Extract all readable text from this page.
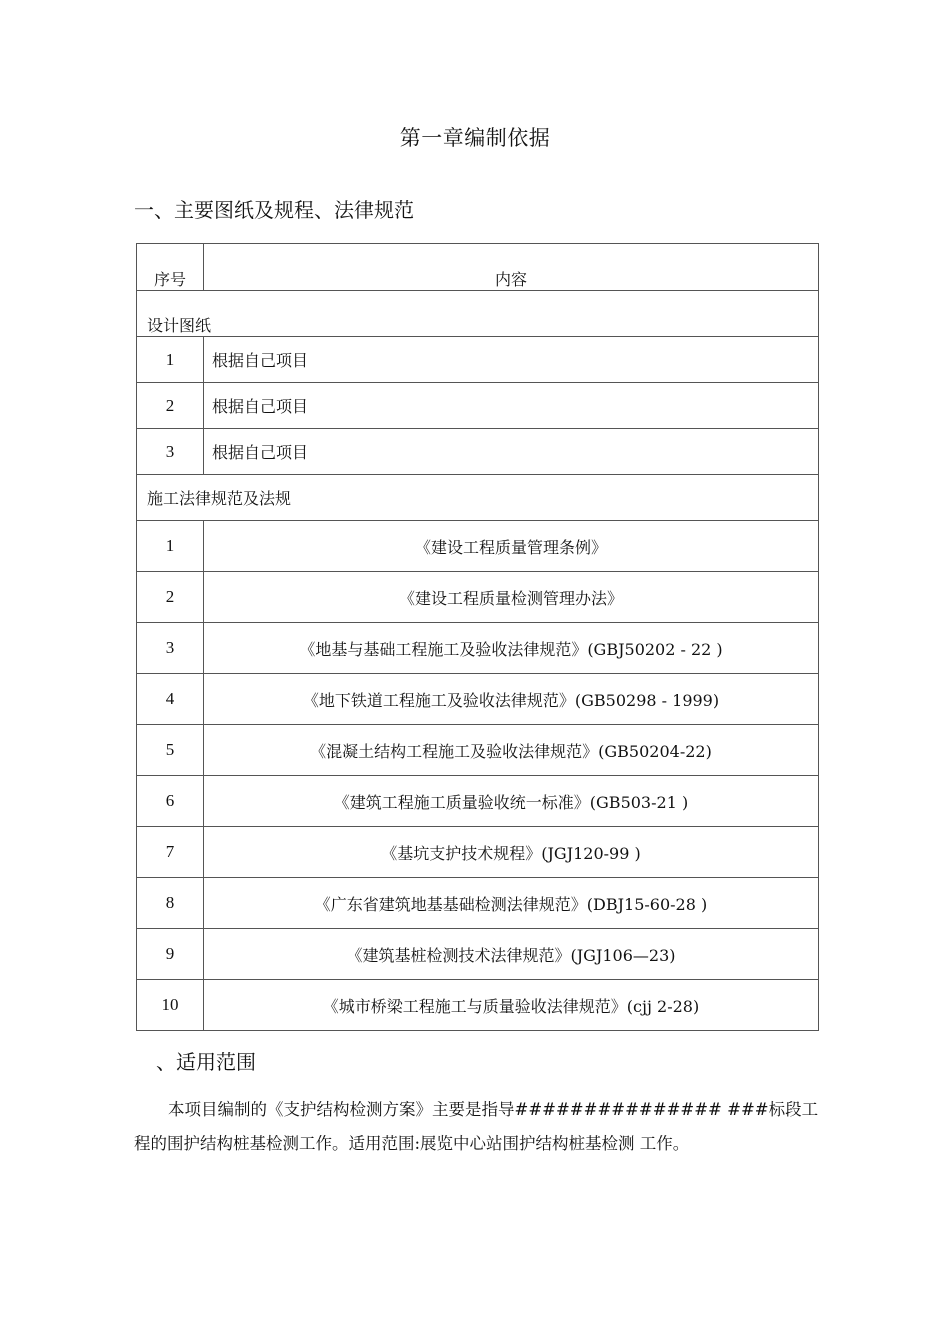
第一章编制依据
一、主要图纸及规程、法律规范
序号	内容
设计图纸	
1	根据自己项目
2	根据自己项目
3	根据自己项目
施工法律规范及法规	
1	《建设工程质量管理条例》
2	《建设工程质量检测管理办法》
3	《地基与基础工程施工及验收法律规范》(GBJ50202 - 22 )
4	《地下铁道工程施工及验收法律规范》(GB50298 - 1999)
5	《混凝土结构工程施工及验收法律规范》(GB50204-22)
6	《建筑工程施工质量验收统一标准》(GB503-21 )
7	《基坑支护技术规程》(JGJ120-99 )
8	《广东省建筑地基基础检测法律规范》(DBJ15-60-28 )
9	《建筑基桩检测技术法律规范》(JGJ106—23)
10	《城市桥梁工程施工与质量验收法律规范》(cjj 2-28)
、适用范围
本项目编制的《支护结构检测方案》主要是指导############### ###标段工程的围护结构桩基检测工作。适用范围:展览中心站围护结构桩基检测 工作。
